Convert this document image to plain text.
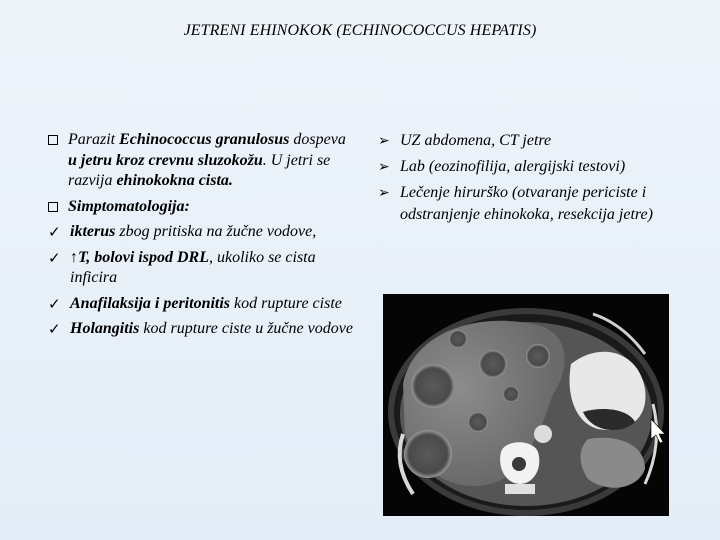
JETRENI EHINOKOK (ECHINOCOCCUS HEPATIS)
Parazit Echinococcus granulosus dospeva u jetru kroz crevnu sluzokožu. U jetri se razvija ehinokokna cista.
Simptomatologija:
✓ ikterus zbog pritiska na žučne vodove,
✓ ↑T, bolovi ispod DRL, ukoliko se cista inficira
✓ Anafilaksija i peritonitis kod rupture ciste
✓ Holangitis kod rupture ciste u žučne vodove
➢ UZ abdomena, CT jetre
➢ Lab (eozinofilija, alergijski testovi)
➢ Lečenje hirurško (otvaranje periciste i odstranjenje ehinokoka, resekcija jetre)
